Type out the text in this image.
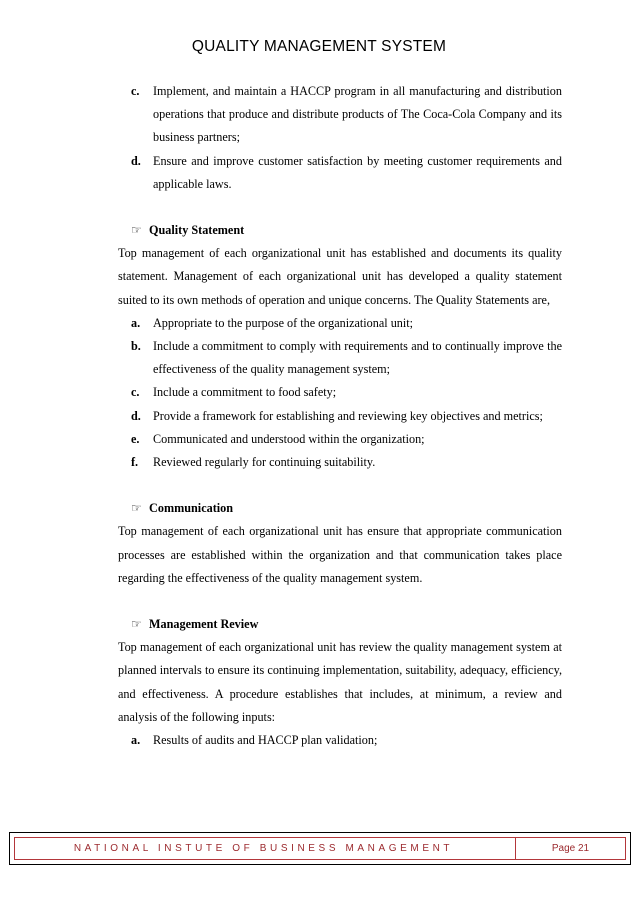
QUALITY MANAGEMENT SYSTEM
c. Implement, and maintain a HACCP program in all manufacturing and distribution operations that produce and distribute products of The Coca-Cola Company and its business partners;
d. Ensure and improve customer satisfaction by meeting customer requirements and applicable laws.
☞ Quality Statement
Top management of each organizational unit has established and documents its quality statement. Management of each organizational unit has developed a quality statement suited to its own methods of operation and unique concerns. The Quality Statements are,
a. Appropriate to the purpose of the organizational unit;
b. Include a commitment to comply with requirements and to continually improve the effectiveness of the quality management system;
c. Include a commitment to food safety;
d. Provide a framework for establishing and reviewing key objectives and metrics;
e. Communicated and understood within the organization;
f. Reviewed regularly for continuing suitability.
☞ Communication
Top management of each organizational unit has ensure that appropriate communication processes are established within the organization and that communication takes place regarding the effectiveness of the quality management system.
☞ Management Review
Top management of each organizational unit has review the quality management system at planned intervals to ensure its continuing implementation, suitability, adequacy, efficiency, and effectiveness. A procedure establishes that includes, at minimum, a review and analysis of the following inputs:
a. Results of audits and HACCP plan validation;
NATIONAL INSTUTE OF BUSINESS MANAGEMENT	Page 21
